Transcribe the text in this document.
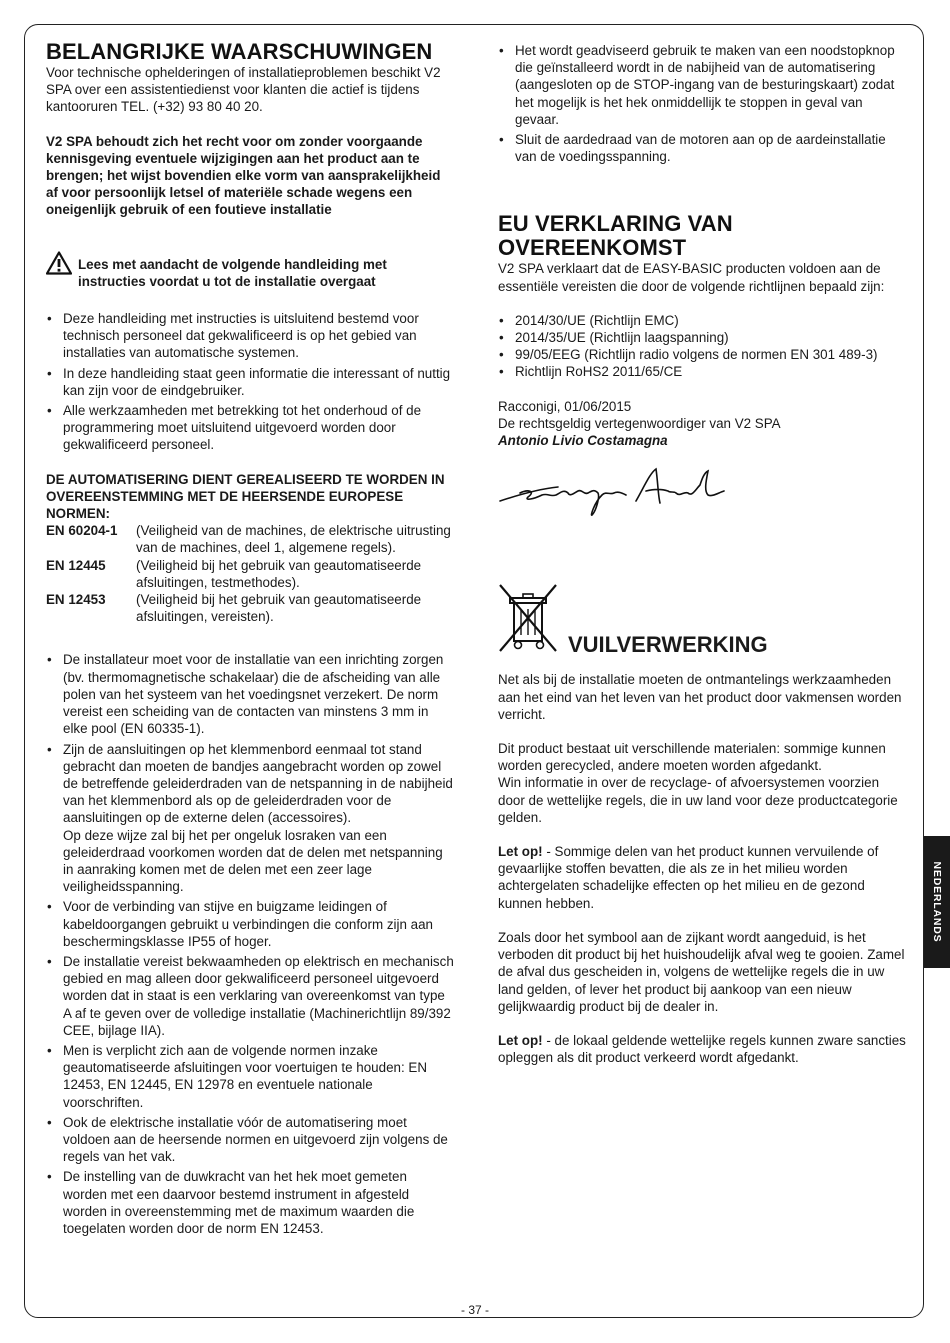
BELANGRIJKE WAARSCHUWINGEN

Voor technische ophelderingen of installatieproblemen beschikt V2 SPA over een assistentiedienst voor klanten die actief is tijdens kantooruren TEL. (+32) 93 80 40 20.

V2 SPA behoudt zich het recht voor om zonder voorgaande kennisgeving eventuele wijzigingen aan het product aan te brengen; het wijst bovendien elke vorm van aansprakelijkheid af voor persoonlijk letsel of materiële schade wegens een oneigenlijk gebruik of een foutieve installatie

Lees met aandacht de volgende handleiding met instructies voordat u tot de installatie overgaat
• Deze handleiding met instructies is uitsluitend bestemd voor technisch personeel dat gekwalificeerd is op het gebied van installaties van automatische systemen.
• In deze handleiding staat geen informatie die interessant of nuttig kan zijn voor de eindgebruiker.
• Alle werkzaamheden met betrekking tot het onderhoud of de programmering moet uitsluitend uitgevoerd worden door gekwalificeerd personeel.

DE AUTOMATISERING DIENT GEREALISEERD TE WORDEN IN OVEREENSTEMMING MET DE HEERSENDE EUROPESE NORMEN:

EN 60204-1	(Veiligheid van de machines, de elektrische uitrusting van de machines, deel 1, algemene regels).
EN 12445	(Veiligheid bij het gebruik van geautomatiseerde afsluitingen, testmethodes).
EN 12453	(Veiligheid bij het gebruik van geautomatiseerde afsluitingen, vereisten).
• De installateur moet voor de installatie van een inrichting zorgen (bv. thermomagnetische schakelaar) die de afscheiding van alle polen van het systeem van het voedingsnet verzekert. De norm vereist een scheiding van de contacten van minstens 3 mm in elke pool (EN 60335-1).
• Zijn de aansluitingen op het klemmenbord eenmaal tot stand gebracht dan moeten de bandjes aangebracht worden op zowel de betreffende geleiderdraden van de netspanning in de nabijheid van het klemmenbord als op de geleiderdraden voor de aansluitingen op de externe delen (accessoires).
Op deze wijze zal bij het per ongeluk losraken van een geleiderdraad voorkomen worden dat de delen met netspanning in aanraking komen met de delen met een zeer lage veiligheidsspanning.
• Voor de verbinding van stijve en buigzame leidingen of kabeldoorgangen gebruikt u verbindingen die conform zijn aan beschermingsklasse IP55 of hoger.
• De installatie vereist bekwaamheden op elektrisch en mechanisch gebied en mag alleen door gekwalificeerd personeel uitgevoerd worden dat in staat is een verklaring van overeenkomst van type A af te geven over de volledige installatie (Machinerichtlijn 89/392 CEE, bijlage IIA).
• Men is verplicht zich aan de volgende normen inzake geautomatiseerde afsluitingen voor voertuigen te houden: EN 12453, EN 12445, EN 12978 en eventuele nationale voorschriften.
• Ook de elektrische installatie vóór de automatisering moet voldoen aan de heersende normen en uitgevoerd zijn volgens de regels van het vak.
• De instelling van de duwkracht van het hek moet gemeten worden met een daarvoor bestemd instrument in afgesteld worden in overeenstemming met de maximum waarden die toegelaten worden door de norm EN 12453.
• Het wordt geadviseerd gebruik te maken van een noodstopknop die geïnstalleerd wordt in de nabijheid van de automatisering (aangesloten op de STOP-ingang van de besturingskaart) zodat het mogelijk is het hek onmiddellijk te stoppen in geval van gevaar.
• Sluit de aardedraad van de motoren aan op de aardeinstallatie van de voedingsspanning.
EU VERKLARING VAN OVEREENKOMST

V2 SPA verklaart dat de EASY-BASIC producten voldoen aan de essentiële vereisten die door de volgende richtlijnen bepaald zijn:

• 2014/30/UE (Richtlijn EMC)
• 2014/35/UE (Richtlijn laagspanning)
• 99/05/EEG (Richtlijn radio volgens de normen EN 301 489-3)
• Richtlijn RoHS2 2011/65/CE

Racconigi, 01/06/2015

De rechtsgeldig vertegenwoordiger van V2 SPA

Antonio Livio Costamagna

VUILVERWERKING

Net als bij de installatie moeten de ontmantelings werkzaamheden aan het eind van het leven van het product door vakmensen worden verricht.

Dit product bestaat uit verschillende materialen: sommige kunnen worden gerecycled, andere moeten worden afgedankt.

Win informatie in over de recyclage- of afvoersystemen voorzien door de wettelijke regels, die in uw land voor deze productcategorie gelden.

Let op! - Sommige delen van het product kunnen vervuilende of gevaarlijke stoffen bevatten, die als ze in het milieu worden achtergelaten schadelijke effecten op het milieu en de gezond kunnen hebben.

Zoals door het symbool aan de zijkant wordt aangeduid, is het verboden dit product bij het huishoudelijk afval weg te gooien. Zamel de afval dus gescheiden in, volgens de wettelijke regels die in uw land gelden, of lever het product bij aankoop van een nieuw gelijkwaardig product bij de dealer in.

Let op! - de lokaal geldende wettelijke regels kunnen zware sancties opleggen als dit product verkeerd wordt afgedankt.

NEDERLANDS
- 37 -
